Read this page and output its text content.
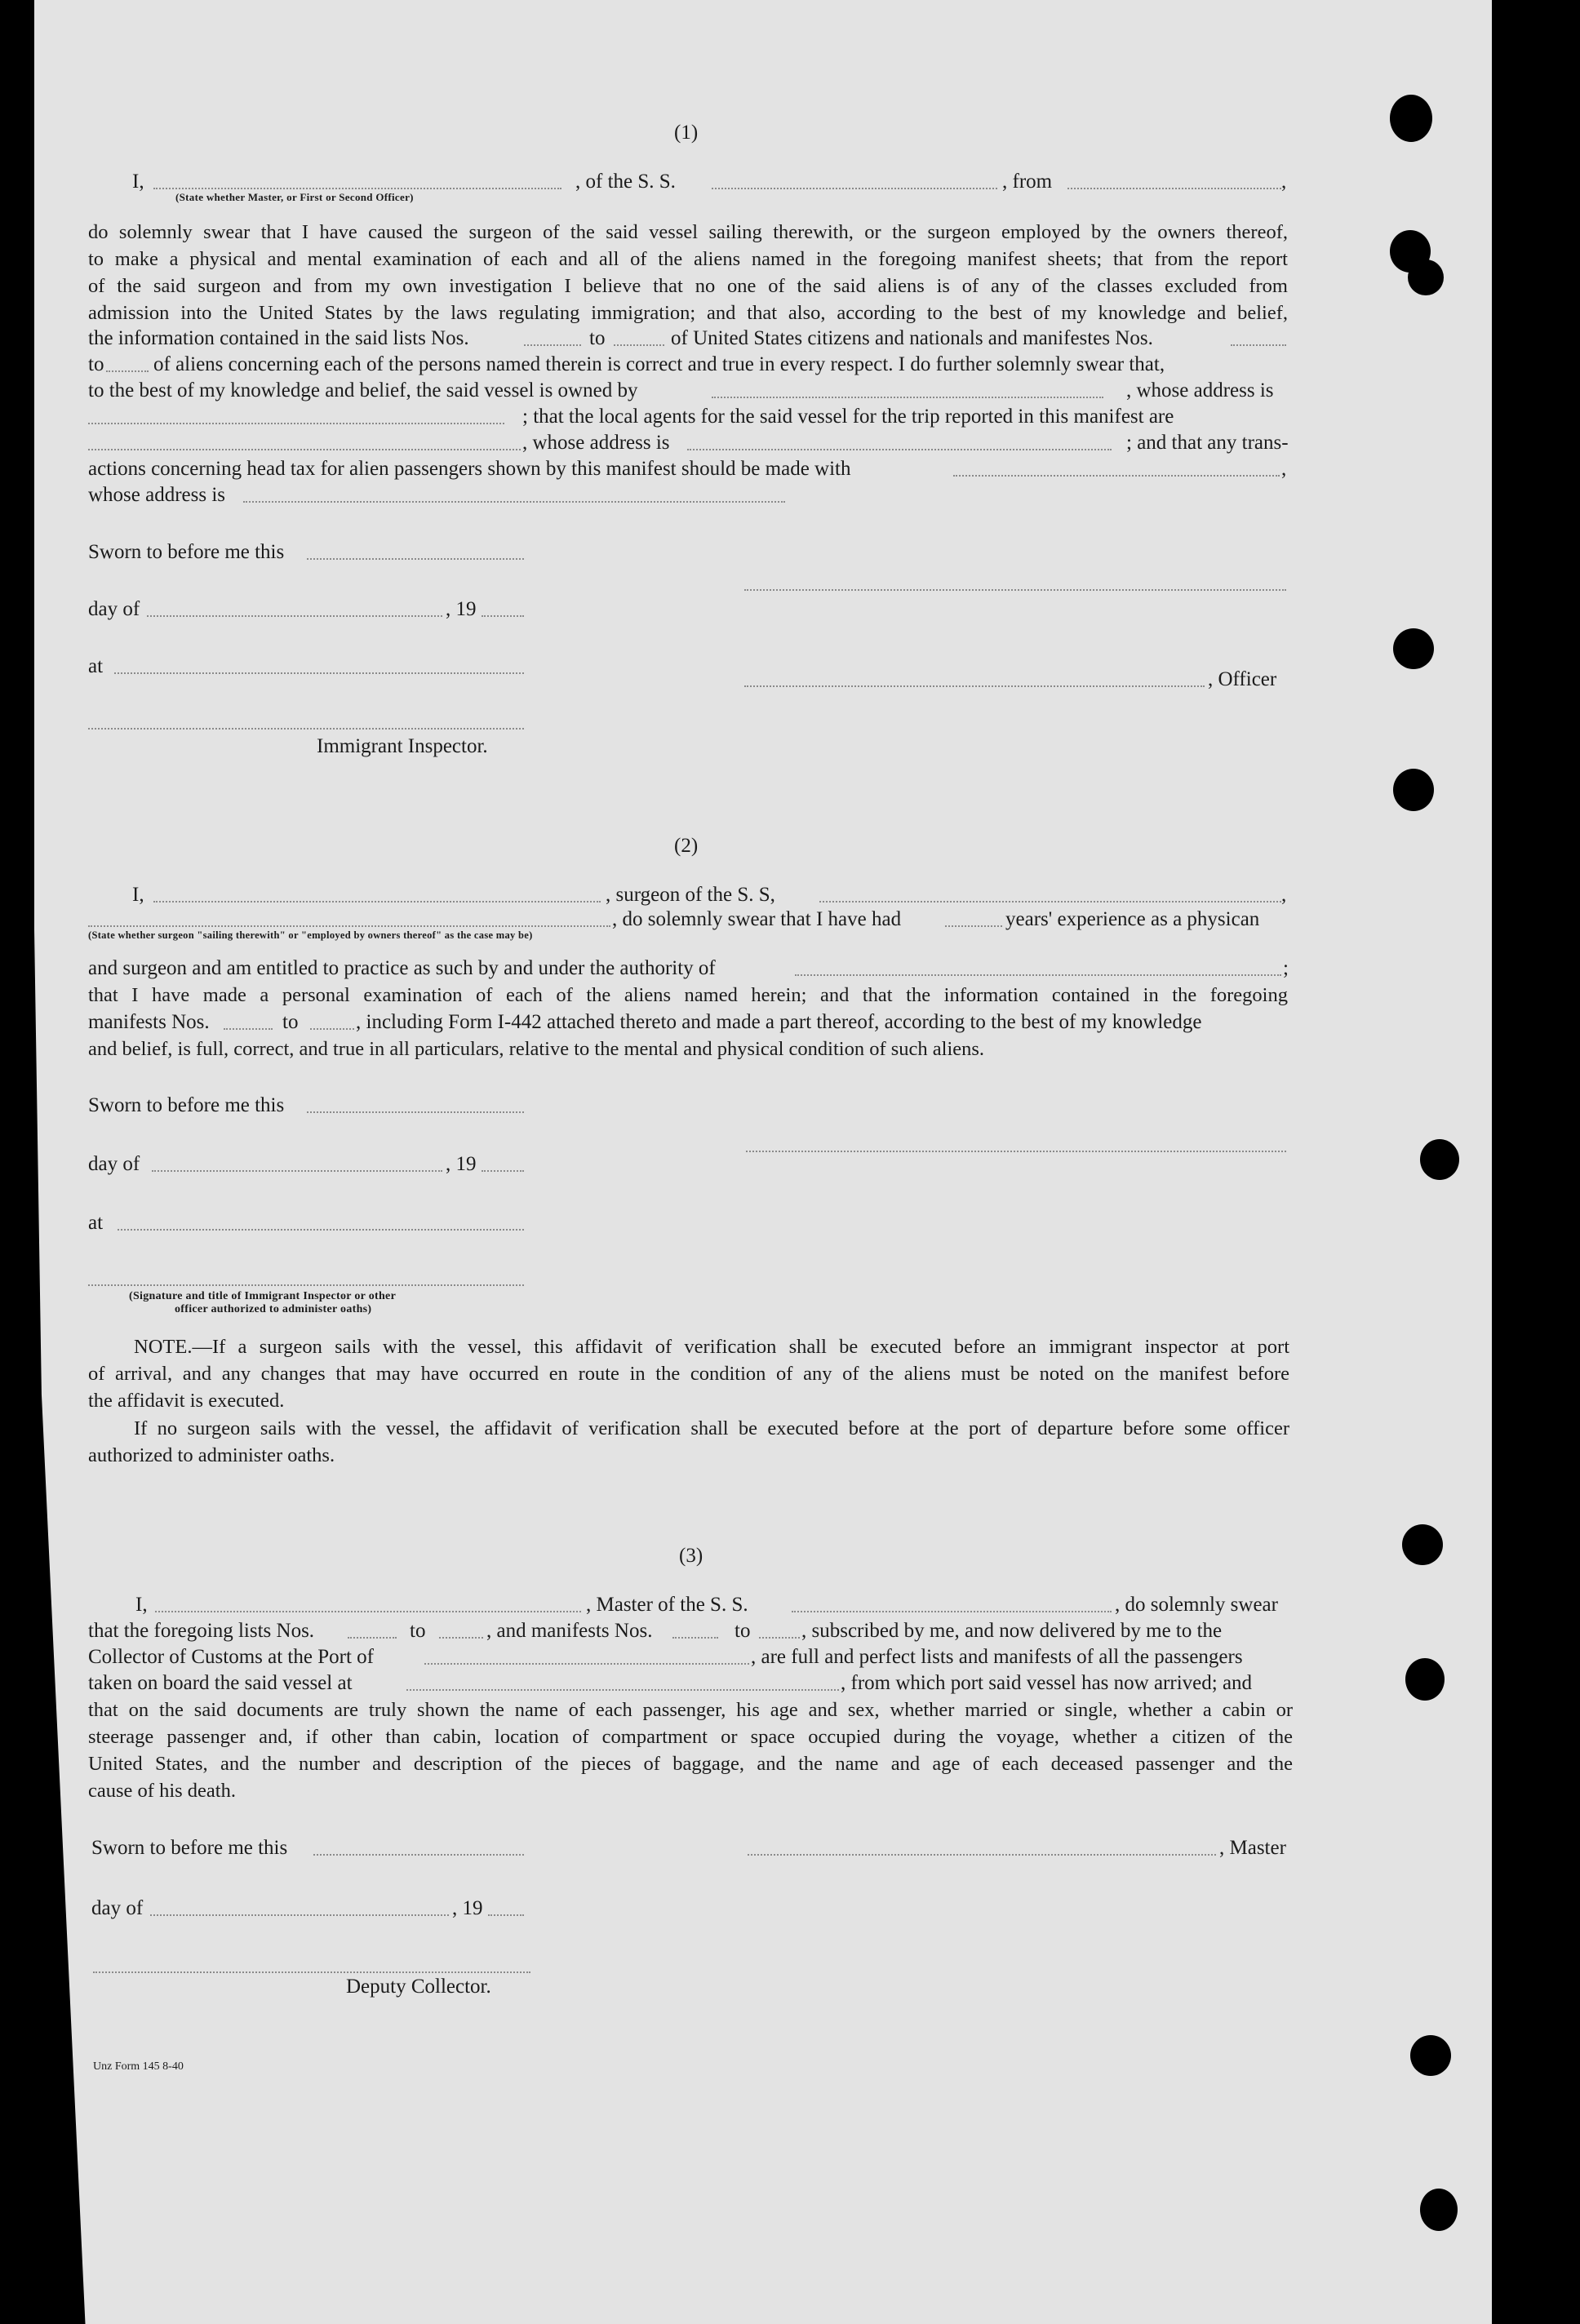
(1)
I,	, of the S. S.	, from	,
(State whether Master, or First or Second Officer)
do solemnly swear that I have caused the surgeon of the said vessel sailing therewith, or the surgeon employed by the owners thereof,
to make a physical and mental examination of each and all of the aliens named in the foregoing manifest sheets; that from the report
of the said surgeon and from my own investigation I believe that no one of the said aliens is of any of the classes excluded from
admission into the United States by the laws regulating immigration; and that also, according to the best of my knowledge and belief,
the information contained in the said lists Nos.	to	of United States citizens and nationals and manifestes Nos.
to of aliens concerning each of the persons named therein is correct and true in every respect. I do further solemnly swear that,
to the best of my knowledge and belief, the said vessel is owned by	, whose address is
; that the local agents for the said vessel for the trip reported in this manifest are
, whose address is	; and that any trans-
actions concerning head tax for alien passengers shown by this manifest should be made with	,
whose address is
Sworn to before me this
day of	, 19
at
, Officer
Immigrant Inspector.
(2)
I,	, surgeon of the S. S,	,
, do solemnly swear that I have had	years' experience as a physican
(State whether surgeon "sailing therewith" or "employed by owners thereof" as the case may be)
and surgeon and am entitled to practice as such by and under the authority of	;
that I have made a personal examination of each of the aliens named herein; and that the information contained in the foregoing
manifests Nos.	to	, including Form I-442 attached thereto and made a part thereof, according to the best of my knowledge
and belief, is full, correct, and true in all particulars, relative to the mental and physical condition of such aliens.
Sworn to before me this
day of	, 19
at
(Signature and title of Immigrant Inspector or other
officer authorized to administer oaths)
NOTE.—If a surgeon sails with the vessel, this affidavit of verification shall be executed before an immigrant inspector at port
of arrival, and any changes that may have occurred en route in the condition of any of the aliens must be noted on the manifest before
the affidavit is executed.
If no surgeon sails with the vessel, the affidavit of verification shall be executed before at the port of departure before some officer
authorized to administer oaths.
(3)
I,	, Master of the S. S.	, do solemnly swear
that the foregoing lists Nos.	to	, and manifests Nos.	to	, subscribed by me, and now delivered by me to the
Collector of Customs at the Port of	, are full and perfect lists and manifests of all the passengers
taken on board the said vessel at	, from which port said vessel has now arrived; and
that on the said documents are truly shown the name of each passenger, his age and sex, whether married or single, whether a cabin or
steerage passenger and, if other than cabin, location of compartment or space occupied during the voyage, whether a citizen of the
United States, and the number and description of the pieces of baggage, and the name and age of each deceased passenger and the
cause of his death.
Sworn to before me this	, Master
day of	, 19
Deputy Collector.
Unz Form 145 8-40
